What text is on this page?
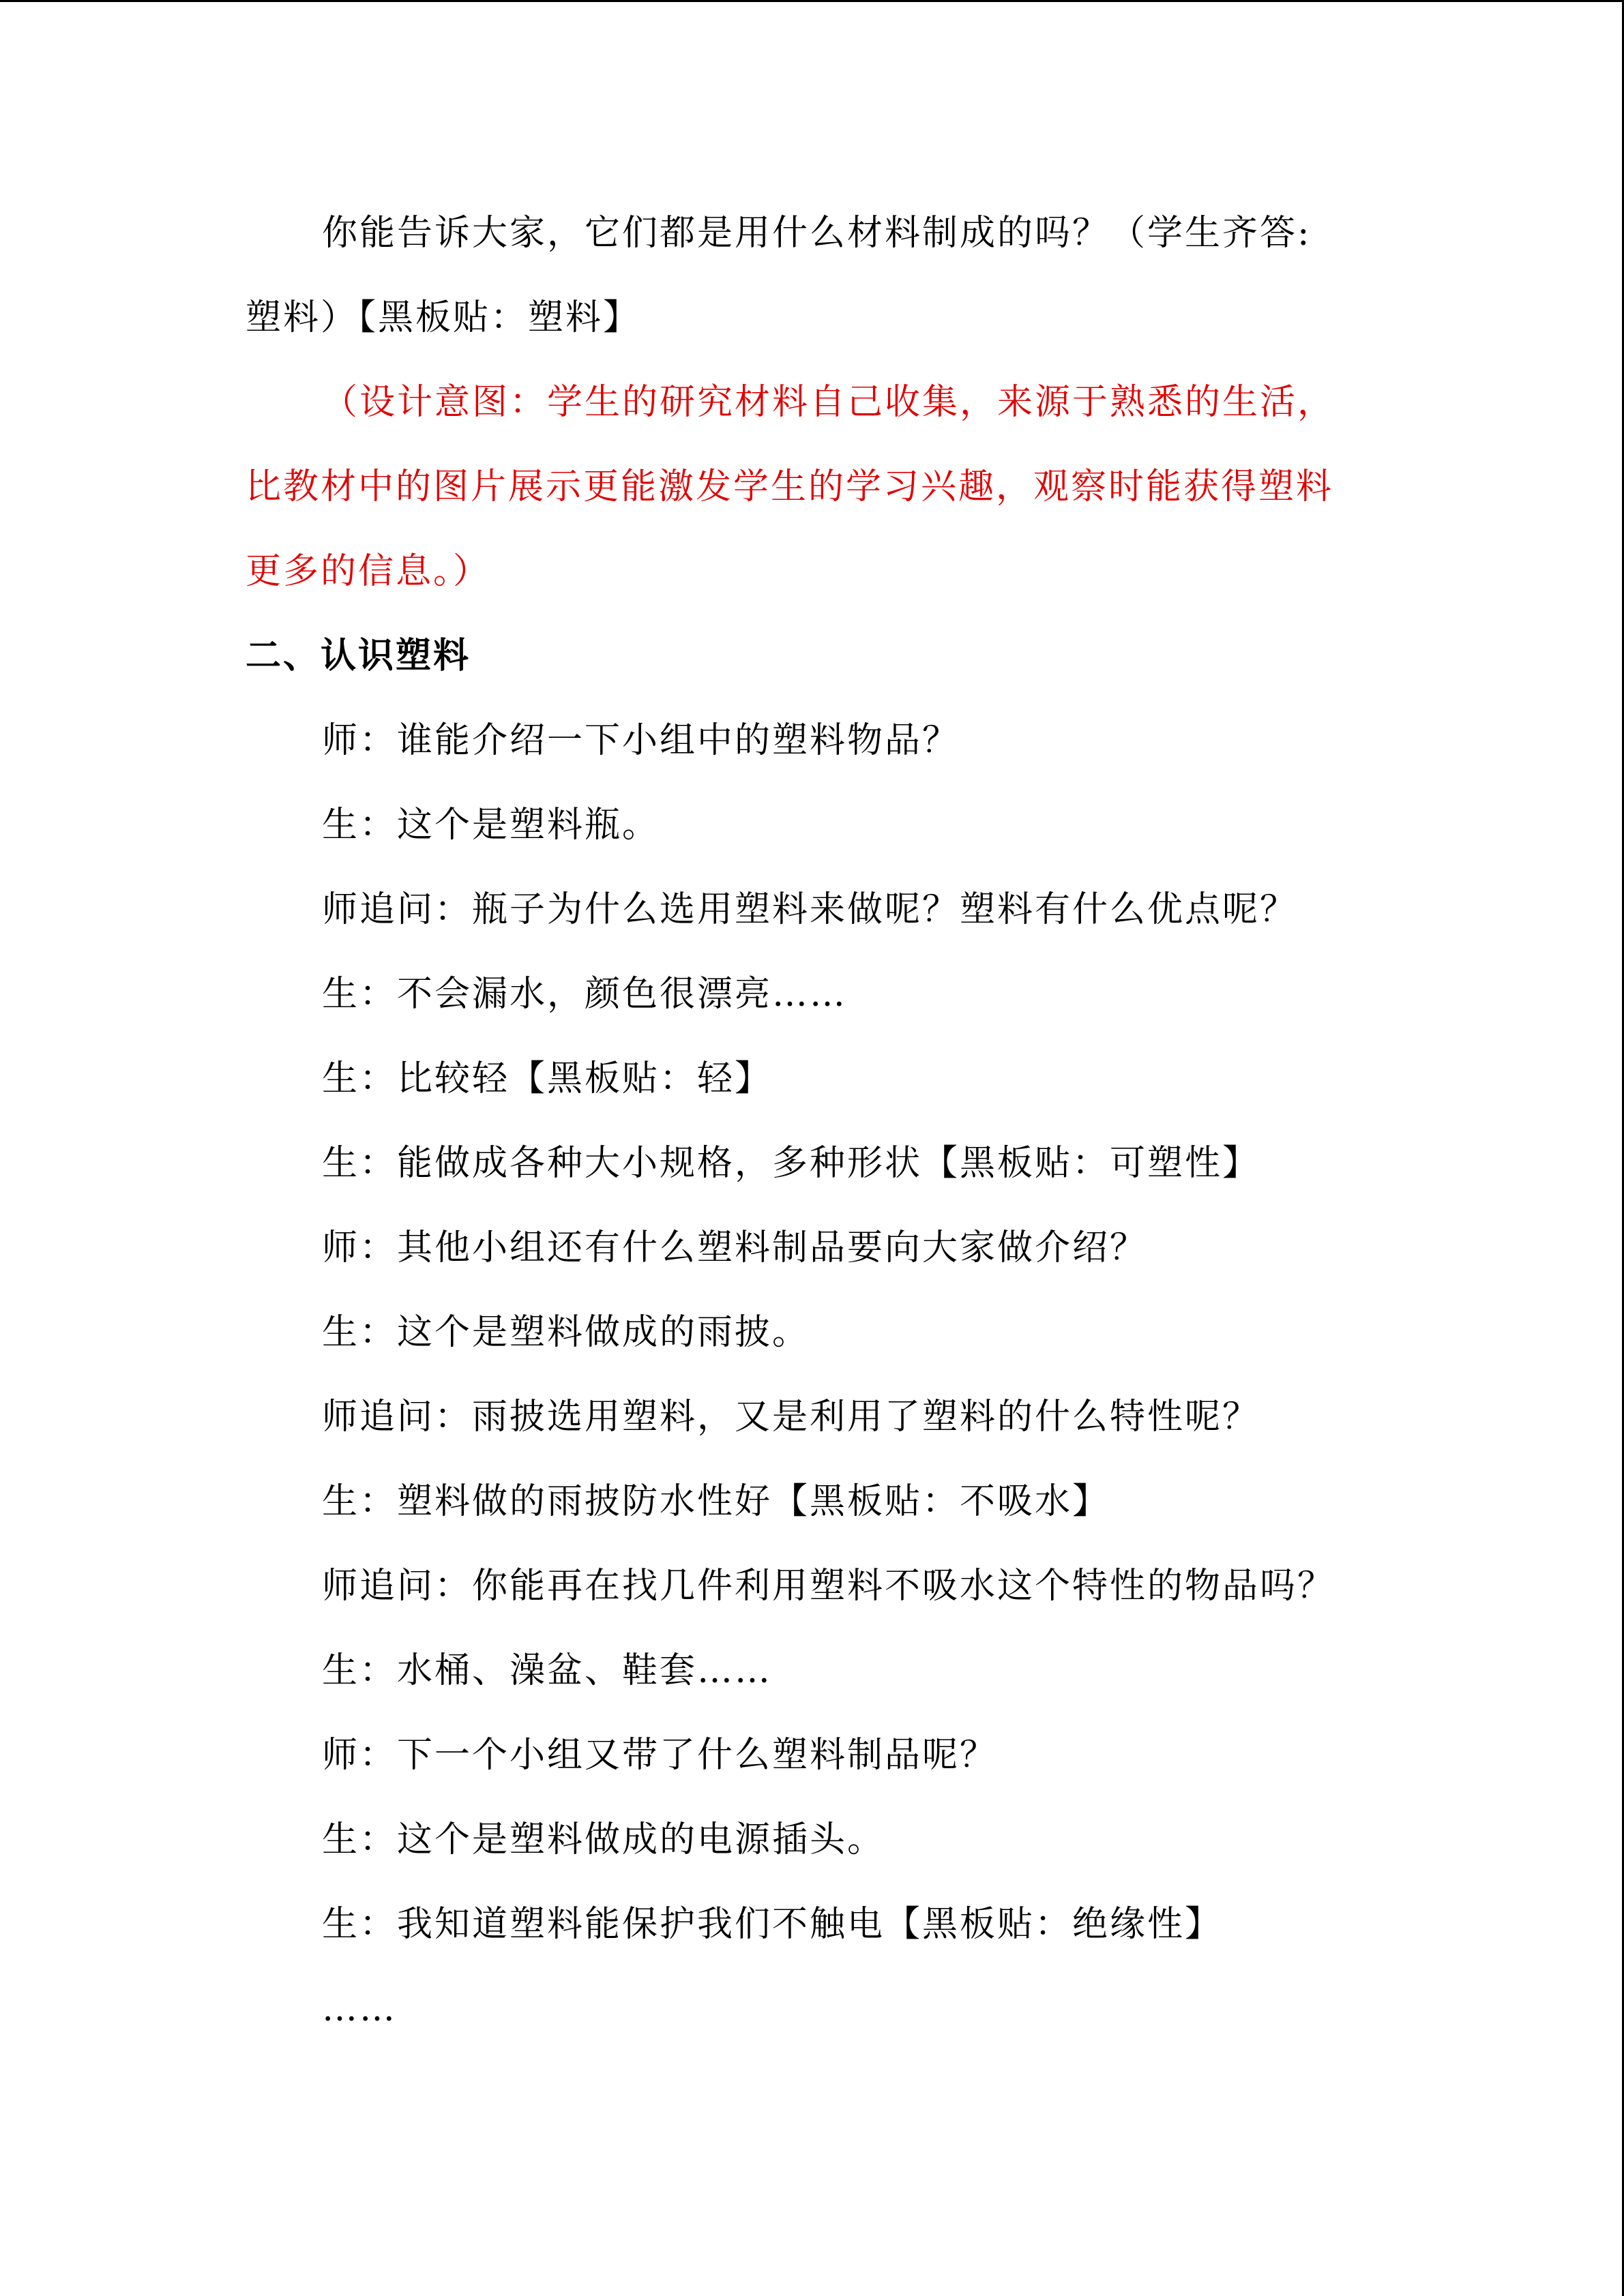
你能告诉大家，它们都是用什么材料制成的吗？（学生齐答:
塑料）【黑板贴：塑料】
（设计意图：学生的研究材料自己收集，来源于熟悉的生活，
比教材中的图片展示更能激发学生的学习兴趣，观察时能获得塑料
更多的信息。）
二、认识塑料
师：谁能介绍一下小组中的塑料物品？
生：这个是塑料瓶。
师追问：瓶子为什么选用塑料来做呢？塑料有什么优点呢？
生：不会漏水，颜色很漂亮……
生：比较轻【黑板贴：轻】
生：能做成各种大小规格，多种形状【黑板贴：可塑性】
师：其他小组还有什么塑料制品要向大家做介绍？
生：这个是塑料做成的雨披。
师追问：雨披选用塑料，又是利用了塑料的什么特性呢？
生：塑料做的雨披防水性好【黑板贴：不吸水】
师追问：你能再在找几件利用塑料不吸水这个特性的物品吗？
生：水桶、澡盆、鞋套……
师：下一个小组又带了什么塑料制品呢？
生：这个是塑料做成的电源插头。
生：我知道塑料能保护我们不触电【黑板贴：绝缘性】
……
